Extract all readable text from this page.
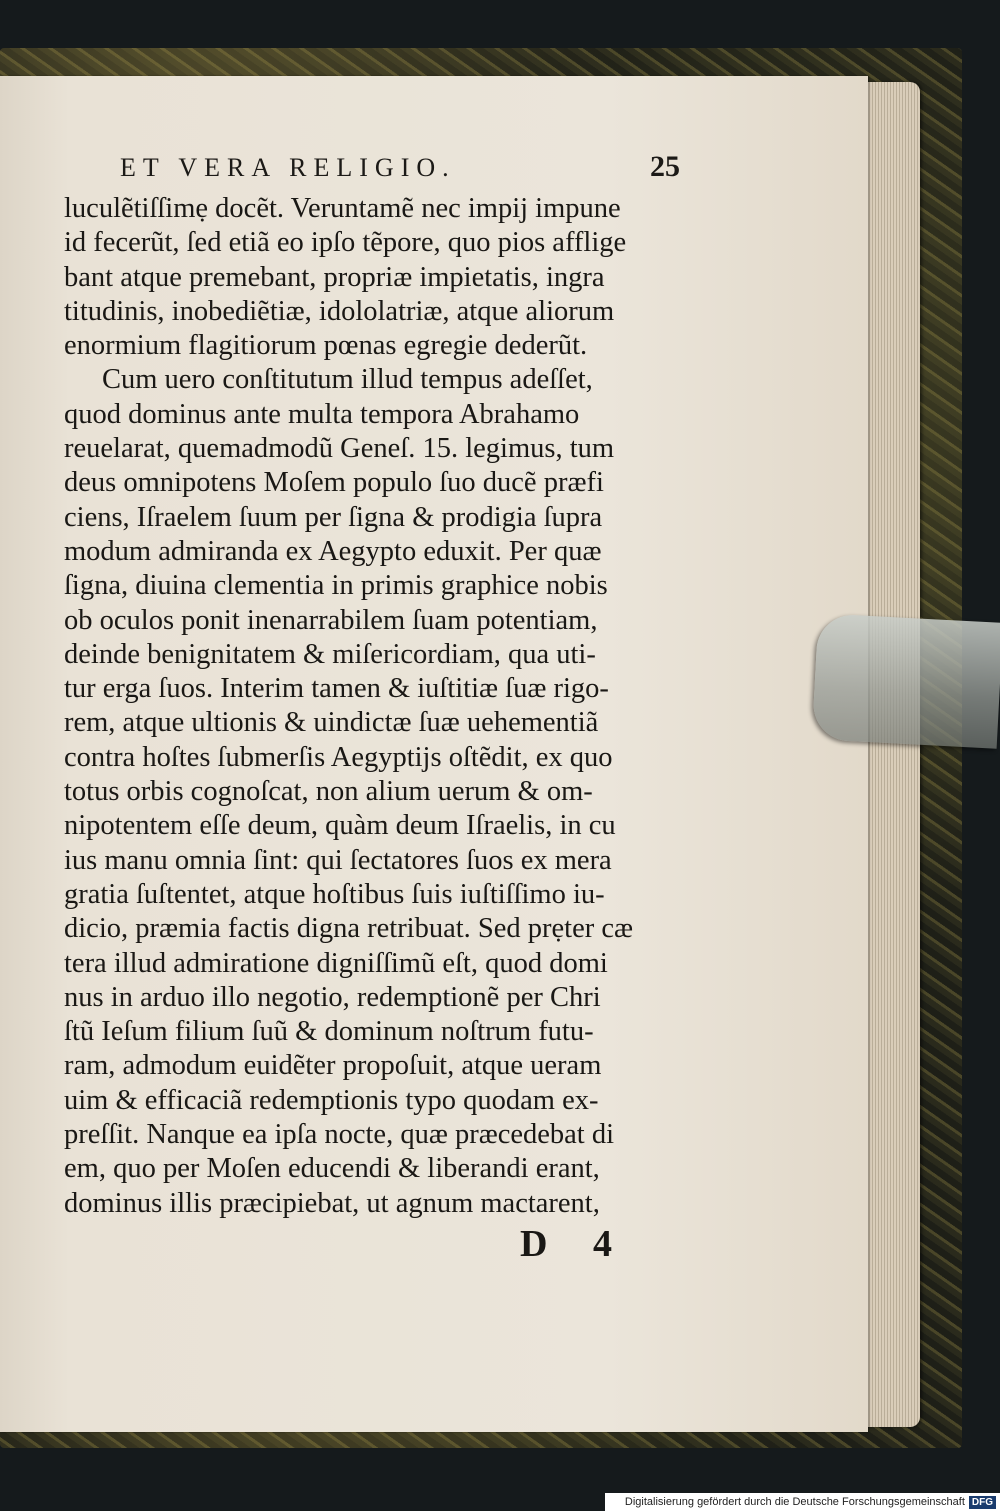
ET VERA RELIGIO.	25
luculẽtiſſimẹ docẽt. Veruntamẽ nec impij impune
id fecerũt, ſed etiã eo ipſo tẽpore, quo pios afflige
bant atque premebant, propriæ impietatis, ingra
titudinis, inobediẽtiæ, idololatriæ, atque aliorum
enormium flagitiorum pœnas egregie dederũt.
Cum uero conſtitutum illud tempus adeſſet,
quod dominus ante multa tempora Abrahamo
reuelarat, quemadmodũ Geneſ. 15. legimus, tum
deus omnipotens Moſem populo ſuo ducẽ præfi
ciens, Iſraelem ſuum per ſigna & prodigia ſupra
modum admiranda ex Aegypto eduxit. Per quæ
ſigna, diuina clementia in primis graphice nobis
ob oculos ponit inenarrabilem ſuam potentiam,
deinde benignitatem & miſericordiam, qua uti-
tur erga ſuos. Interim tamen & iuſtitiæ ſuæ rigo-
rem, atque ultionis & uindictæ ſuæ uehementiã
contra hoſtes ſubmerſis Aegyptijs oſtẽdit, ex quo
totus orbis cognoſcat, non alium uerum & om-
nipotentem eſſe deum, quàm deum Iſraelis, in cu
ius manu omnia ſint: qui ſectatores ſuos ex mera
gratia ſuſtentet, atque hoſtibus ſuis iuſtiſſimo iu-
dicio, præmia factis digna retribuat. Sed prẹter cæ
tera illud admiratione digniſſimũ eſt, quod domi
nus in arduo illo negotio, redemptionẽ per Chri
ſtũ Ieſum filium ſuũ & dominum noſtrum futu-
ram, admodum euidẽter propoſuit, atque ueram
uim & efficaciã redemptionis typo quodam ex-
preſſit. Nanque ea ipſa nocte, quæ præcedebat di
em, quo per Moſen educendi & liberandi erant,
dominus illis præcipiebat, ut agnum mactarent,
D 4
Digitalisierung gefördert durch die Deutsche Forschungsgemeinschaft DFG
